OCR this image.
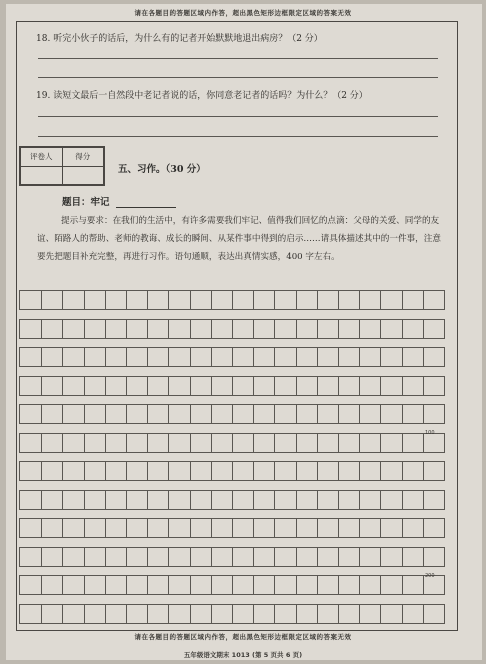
请在各题目的答题区域内作答，超出黑色矩形边框限定区域的答案无效
18. 听完小伙子的话后，为什么有的记者开始默默地退出病房？（2 分）
19. 读短文最后一自然段中老记者说的话，你同意老记者的话吗？为什么？（2 分）
评卷人	得分

五、习作。（30 分）
题目：牢记
提示与要求：在我们的生活中，有许多需要我们牢记、值得我们回忆的点滴：父母的关爱、同学的友谊、陌路人的帮助、老师的教诲、成长的瞬间、从某件事中得到的启示……请具体描述其中的一件事，注意要先把题目补充完整，再进行习作。语句通顺，表达出真情实感，400 字左右。
100
200
请在各题目的答题区域内作答，超出黑色矩形边框限定区域的答案无效
五年级语文期末 1013 (第 5 页共 6 页)
